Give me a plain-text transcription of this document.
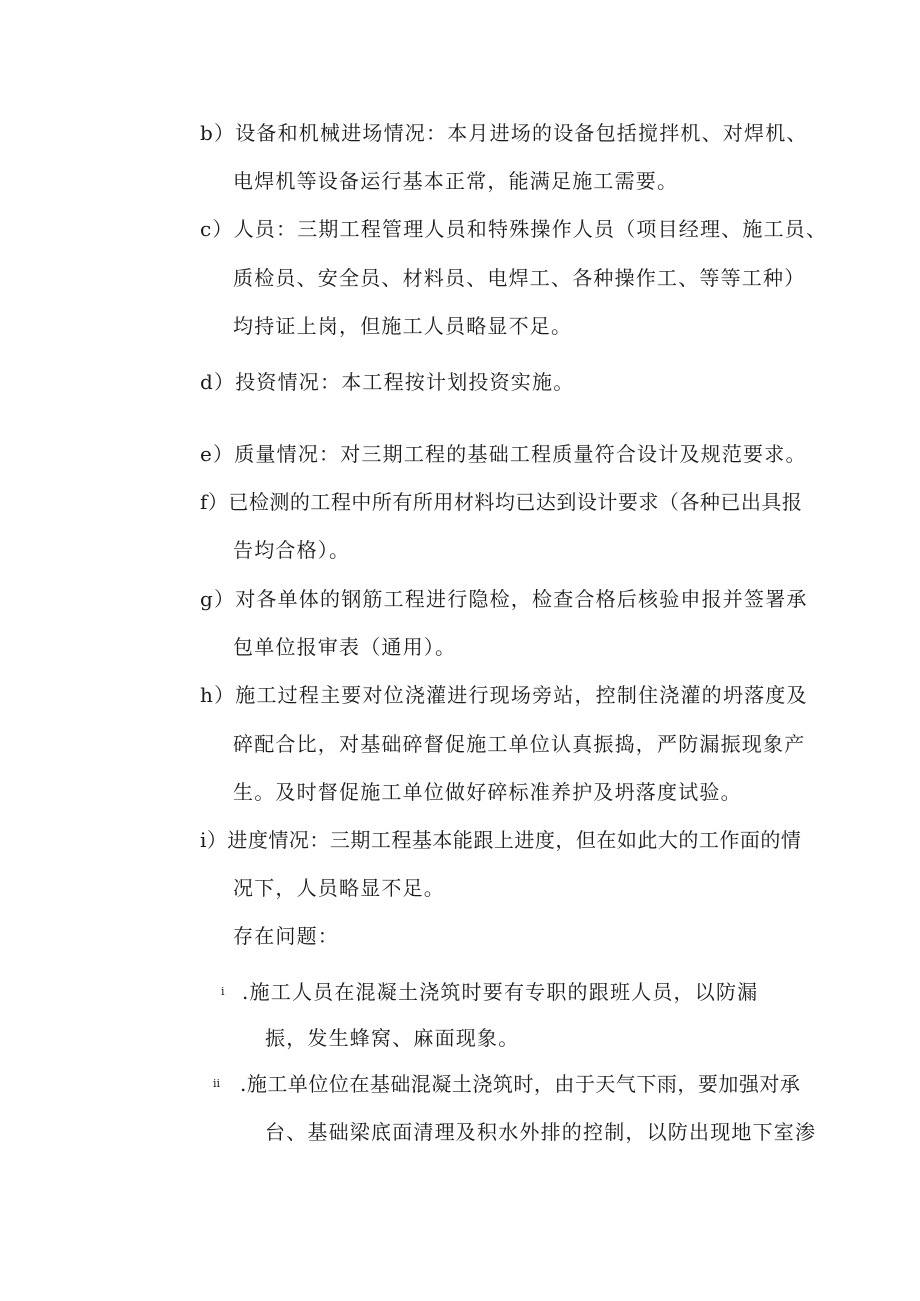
b）设备和机械进场情况：本月进场的设备包括搅拌机、对焊机、
电焊机等设备运行基本正常，能满足施工需要。
c）人员：三期工程管理人员和特殊操作人员（项目经理、施工员、
质检员、安全员、材料员、电焊工、各种操作工、等等工种）
均持证上岗，但施工人员略显不足。
d）投资情况：本工程按计划投资实施。
e）质量情况：对三期工程的基础工程质量符合设计及规范要求。
f）已检测的工程中所有所用材料均已达到设计要求（各种已出具报
告均合格）。
g）对各单体的钢筋工程进行隐检，检查合格后核验申报并签署承
包单位报审表（通用）。
h）施工过程主要对位浇灌进行现场旁站，控制住浇灌的坍落度及
碎配合比，对基础碎督促施工单位认真振捣，严防漏振现象产
生。及时督促施工单位做好碎标准养护及坍落度试验。
i）进度情况：三期工程基本能跟上进度，但在如此大的工作面的情
况下，人员略显不足。
存在问题：
i .施工人员在混凝土浇筑时要有专职的跟班人员，以防漏
振，发生蜂窝、麻面现象。
ii .施工单位位在基础混凝土浇筑时，由于天气下雨，要加强对承
台、基础梁底面清理及积水外排的控制，以防出现地下室渗
